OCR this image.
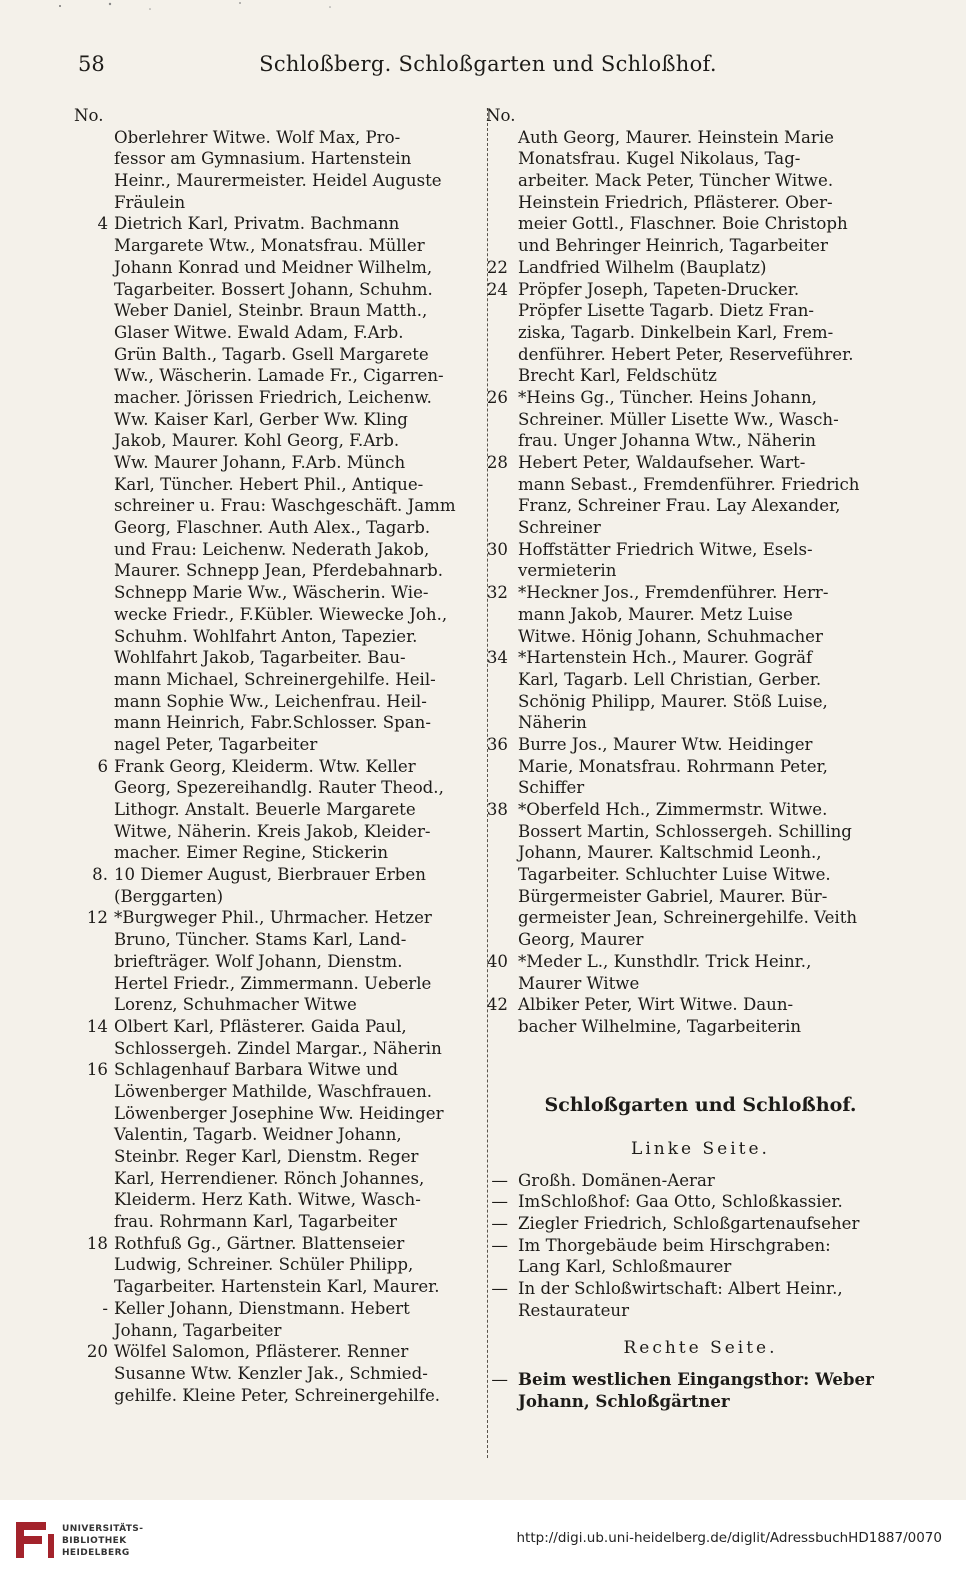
58	Schloßberg. Schloßgarten und Schloßhof.
No.
Oberlehrer Witwe. Wolf Max, Pro-
fessor am Gymnasium. Hartenstein
Heinr., Maurermeister. Heidel Auguste
Fräulein
4 Dietrich Karl, Privatm. Bachmann
Margarete Wtw., Monatsfrau. Müller
Johann Konrad und Meidner Wilhelm,
Tagarbeiter. Bossert Johann, Schuhm.
Weber Daniel, Steinbr. Braun Matth.,
Glaser Witwe. Ewald Adam, F.Arb.
Grün Balth., Tagarb. Gsell Margarete
Ww., Wäscherin. Lamade Fr., Cigarren-
macher. Jörissen Friedrich, Leichenw.
Ww. Kaiser Karl, Gerber Ww. Kling
Jakob, Maurer. Kohl Georg, F.Arb.
Ww. Maurer Johann, F.Arb. Münch
Karl, Tüncher. Hebert Phil., Antique-
schreiner u. Frau: Waschgeschäft. Jamm
Georg, Flaschner. Auth Alex., Tagarb.
und Frau: Leichenw. Nederath Jakob,
Maurer. Schnepp Jean, Pferdebahnarb.
Schnepp Marie Ww., Wäscherin. Wie-
wecke Friedr., F.Kübler. Wiewecke Joh.,
Schuhm. Wohlfahrt Anton, Tapezier.
Wohlfahrt Jakob, Tagarbeiter. Bau-
mann Michael, Schreinergehilfe. Heil-
mann Sophie Ww., Leichenfrau. Heil-
mann Heinrich, Fabr.Schlosser. Span-
nagel Peter, Tagarbeiter
6 Frank Georg, Kleiderm. Wtw. Keller
Georg, Spezereihandlg. Rauter Theod.,
Lithogr. Anstalt. Beuerle Margarete
Witwe, Näherin. Kreis Jakob, Kleider-
macher. Eimer Regine, Stickerin
8. 10 Diemer August, Bierbrauer Erben
(Berggarten)
12 *Burgweger Phil., Uhrmacher. Hetzer
Bruno, Tüncher. Stams Karl, Land-
briefträger. Wolf Johann, Dienstm.
Hertel Friedr., Zimmermann. Ueberle
Lorenz, Schuhmacher Witwe
14 Olbert Karl, Pflästerer. Gaida Paul,
Schlossergeh. Zindel Margar., Näherin
16 Schlagenhauf Barbara Witwe und
Löwenberger Mathilde, Waschfrauen.
Löwenberger Josephine Ww. Heidinger
Valentin, Tagarb. Weidner Johann,
Steinbr. Reger Karl, Dienstm. Reger
Karl, Herrendiener. Rönch Johannes,
Kleiderm. Herz Kath. Witwe, Wasch-
frau. Rohrmann Karl, Tagarbeiter
18 Rothfuß Gg., Gärtner. Blattenseier
Ludwig, Schreiner. Schüler Philipp,
Tagarbeiter. Hartenstein Karl, Maurer.
- Keller Johann, Dienstmann. Hebert
Johann, Tagarbeiter
20 Wölfel Salomon, Pflästerer. Renner
Susanne Wtw. Kenzler Jak., Schmied-
gehilfe. Kleine Peter, Schreinergehilfe.
No.
Auth Georg, Maurer. Heinstein Marie
Monatsfrau. Kugel Nikolaus, Tag-
arbeiter. Mack Peter, Tüncher Witwe.
Heinstein Friedrich, Pflästerer. Ober-
meier Gottl., Flaschner. Boie Christoph
und Behringer Heinrich, Tagarbeiter
22 Landfried Wilhelm (Bauplatz)
24 Pröpfer Joseph, Tapeten-Drucker.
Pröpfer Lisette Tagarb. Dietz Fran-
ziska, Tagarb. Dinkelbein Karl, Frem-
denführer. Hebert Peter, Reserveführer.
Brecht Karl, Feldschütz
26 *Heins Gg., Tüncher. Heins Johann,
Schreiner. Müller Lisette Ww., Wasch-
frau. Unger Johanna Wtw., Näherin
28 Hebert Peter, Waldaufseher. Wart-
mann Sebast., Fremdenführer. Friedrich
Franz, Schreiner Frau. Lay Alexander,
Schreiner
30 Hoffstätter Friedrich Witwe, Esels-
vermieterin
32 *Heckner Jos., Fremdenführer. Herr-
mann Jakob, Maurer. Metz Luise
Witwe. Hönig Johann, Schuhmacher
34 *Hartenstein Hch., Maurer. Gogräf
Karl, Tagarb. Lell Christian, Gerber.
Schönig Philipp, Maurer. Stöß Luise,
Näherin
36 Burre Jos., Maurer Wtw. Heidinger
Marie, Monatsfrau. Rohrmann Peter,
Schiffer
38 *Oberfeld Hch., Zimmermstr. Witwe.
Bossert Martin, Schlossergeh. Schilling
Johann, Maurer. Kaltschmid Leonh.,
Tagarbeiter. Schluchter Luise Witwe.
Bürgermeister Gabriel, Maurer. Bür-
germeister Jean, Schreinergehilfe. Veith
Georg, Maurer
40 *Meder L., Kunsthdlr. Trick Heinr.,
Maurer Witwe
42 Albiker Peter, Wirt Witwe. Daun-
bacher Wilhelmine, Tagarbeiterin
Schloßgarten und Schloßhof.
Linke Seite.
— Großh. Domänen-Aerar
— ImSchloßhof: Gaa Otto, Schloßkassier.
— Ziegler Friedrich, Schloßgartenaufseher
— Im Thorgebäude beim Hirschgraben:
Lang Karl, Schloßmaurer
— In der Schloßwirtschaft: Albert Heinr.,
Restaurateur
Rechte Seite.
— Beim westlichen Eingangsthor: Weber
Johann, Schloßgärtner
UNIVERSITÄTS-
BIBLIOTHEK
HEIDELBERG
http://digi.ub.uni-heidelberg.de/diglit/AdressbuchHD1887/0070
